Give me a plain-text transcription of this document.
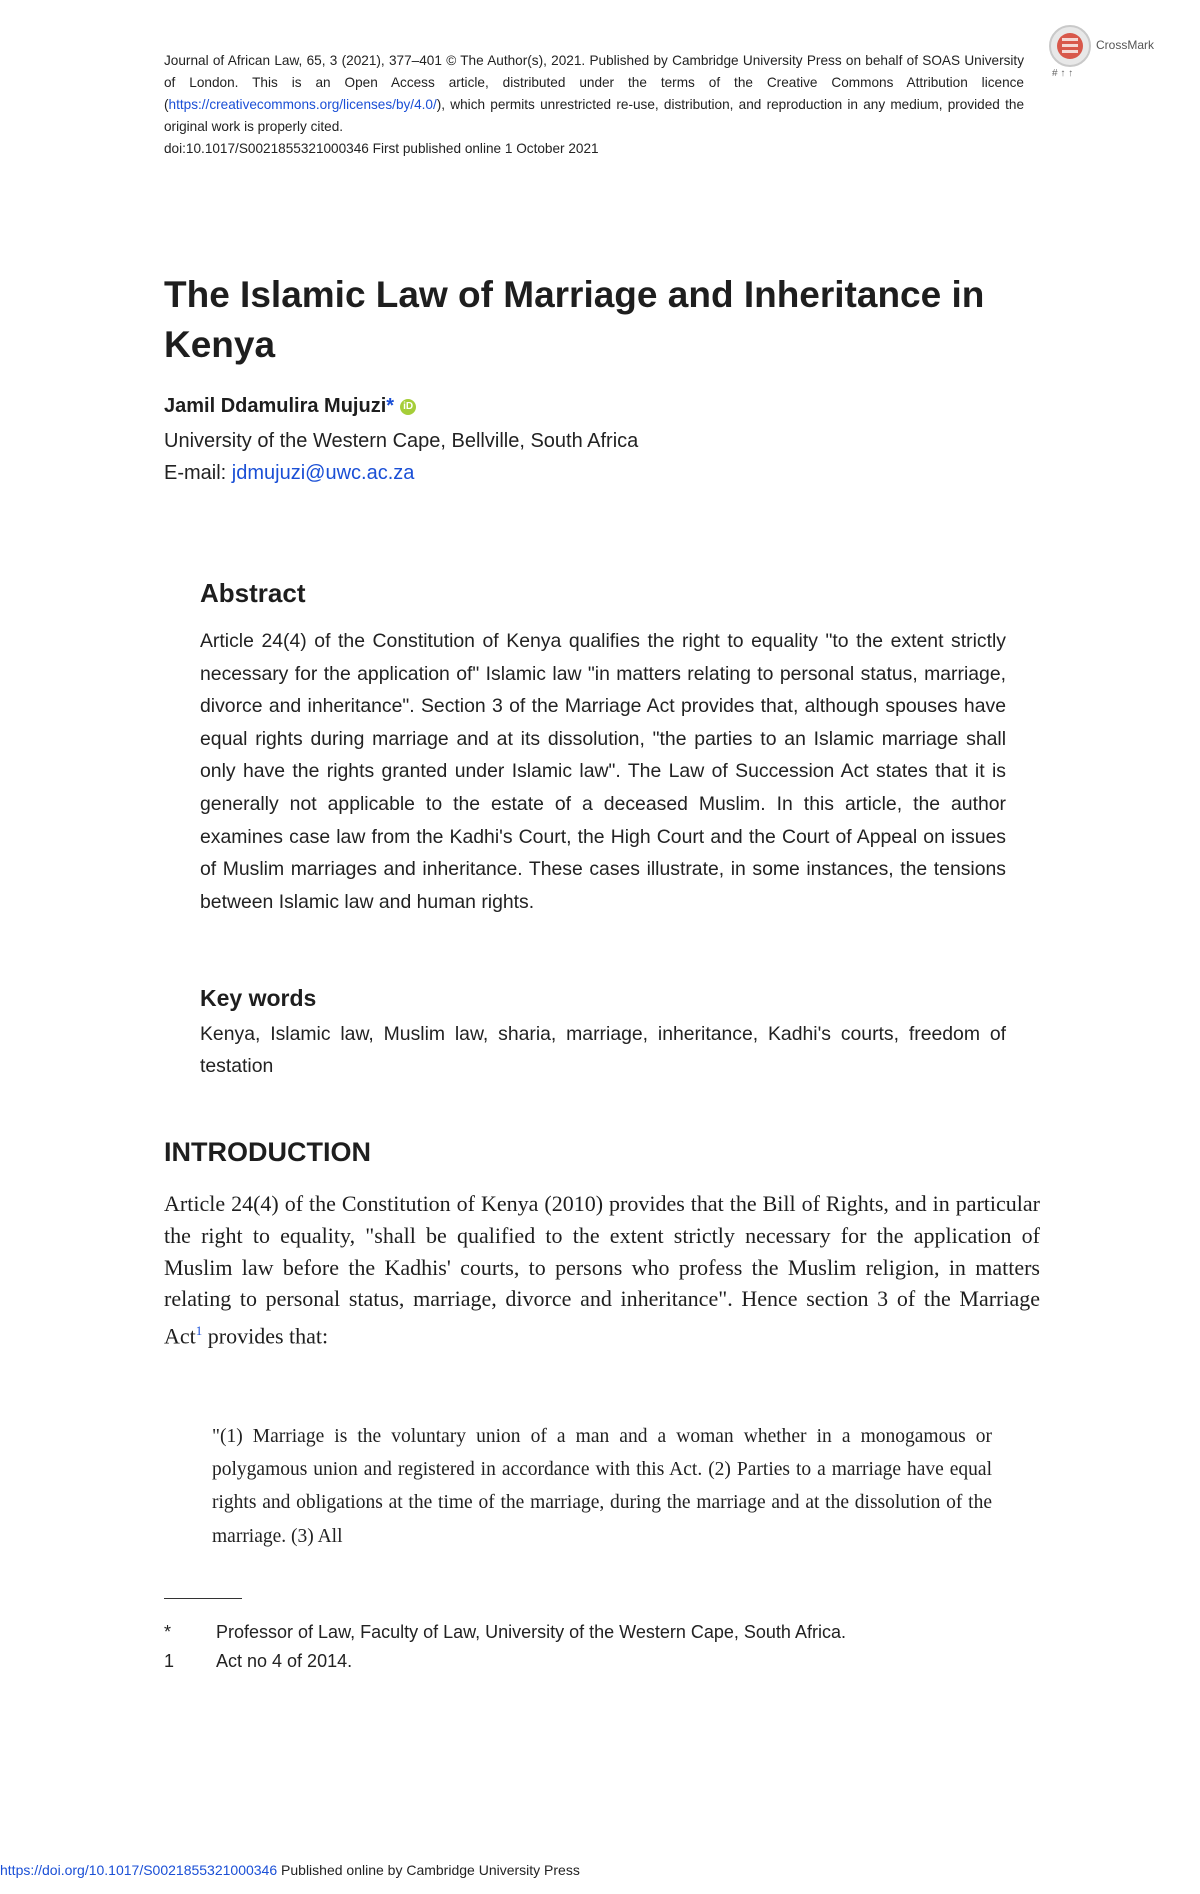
Journal of African Law, 65, 3 (2021), 377–401 © The Author(s), 2021. Published by Cambridge University Press on behalf of SOAS University of London. This is an Open Access article, distributed under the terms of the Creative Commons Attribution licence (https://creativecommons.org/licenses/by/4.0/), which permits unrestricted re-use, distribution, and reproduction in any medium, provided the original work is properly cited.

doi:10.1017/S0021855321000346 First published online 1 October 2021

CrossMark
# ↑ ↑
The Islamic Law of Marriage and Inheritance in Kenya
Jamil Ddamulira Mujuzi* iD
University of the Western Cape, Bellville, South Africa
E-mail: jdmujuzi@uwc.ac.za
Abstract

Article 24(4) of the Constitution of Kenya qualifies the right to equality "to the extent strictly necessary for the application of" Islamic law "in matters relating to personal status, marriage, divorce and inheritance". Section 3 of the Marriage Act provides that, although spouses have equal rights during marriage and at its dissolution, "the parties to an Islamic marriage shall only have the rights granted under Islamic law". The Law of Succession Act states that it is generally not applicable to the estate of a deceased Muslim. In this article, the author examines case law from the Kadhi's Court, the High Court and the Court of Appeal on issues of Muslim marriages and inheritance. These cases illustrate, in some instances, the tensions between Islamic law and human rights.

Key words

Kenya, Islamic law, Muslim law, sharia, marriage, inheritance, Kadhi's courts, freedom of testation

INTRODUCTION

Article 24(4) of the Constitution of Kenya (2010) provides that the Bill of Rights, and in particular the right to equality, "shall be qualified to the extent strictly necessary for the application of Muslim law before the Kadhis' courts, to persons who profess the Muslim religion, in matters relating to personal status, marriage, divorce and inheritance". Hence section 3 of the Marriage Act$^1$ provides that:

"(1) Marriage is the voluntary union of a man and a woman whether in a monogamous or polygamous union and registered in accordance with this Act. (2) Parties to a marriage have equal rights and obligations at the time of the marriage, during the marriage and at the dissolution of the marriage. (3) All

* Professor of Law, Faculty of Law, University of the Western Cape, South Africa.
1 Act no 4 of 2014.
https://doi.org/10.1017/S0021855321000346 Published online by Cambridge University Press
